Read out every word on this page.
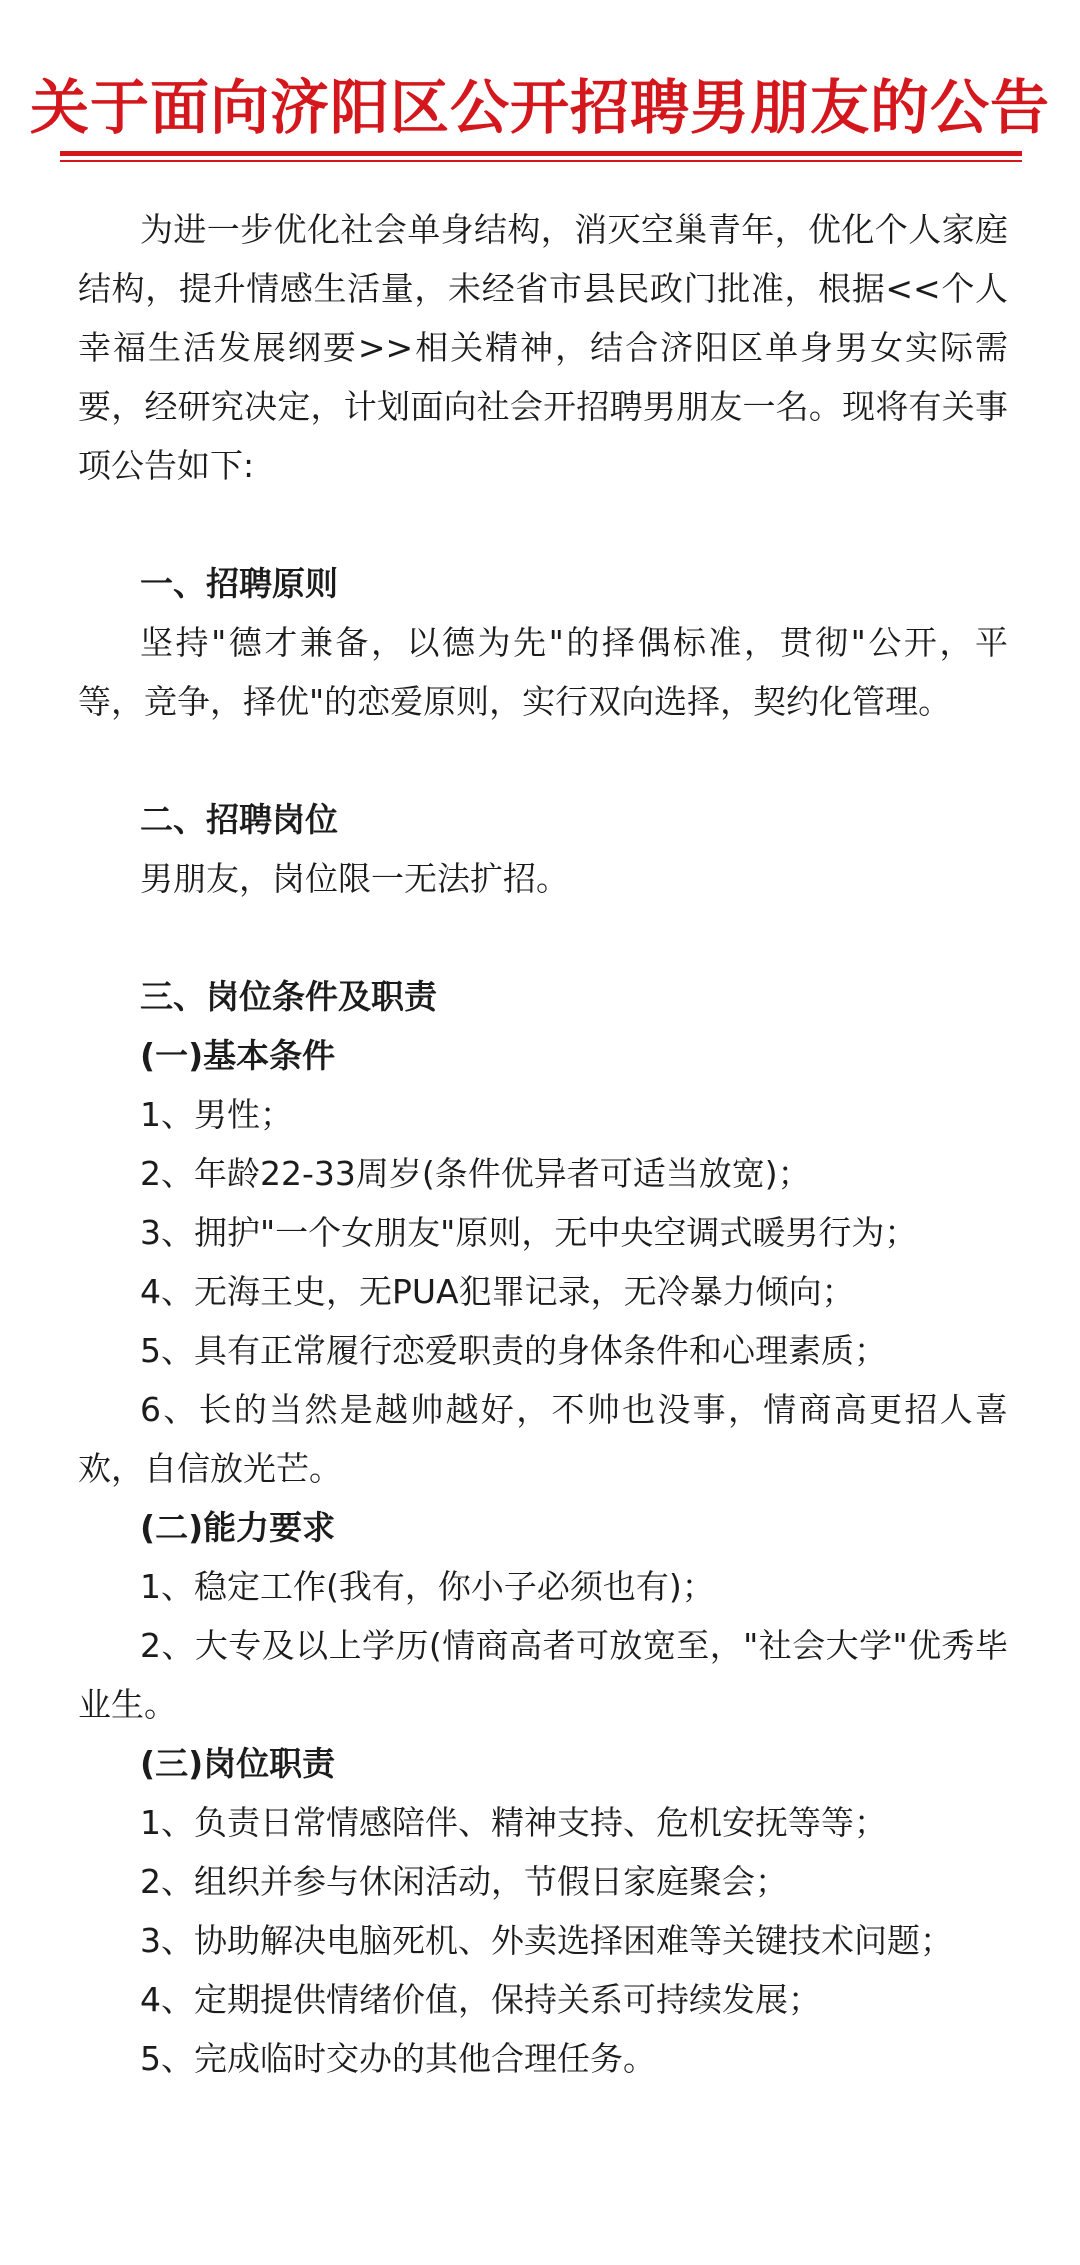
关于面向济阳区公开招聘男朋友的公告

为进一步优化社会单身结构，消灭空巢青年，优化个人家庭结构，提升情感生活量，未经省市县民政门批准，根据<<个人幸福生活发展纲要>>相关精神，结合济阳区单身男女实际需要，经研究决定，计划面向社会开招聘男朋友一名。现将有关事项公告如下:

一、招聘原则

坚持"德才兼备，以德为先"的择偶标准，贯彻"公开，平等，竞争，择优"的恋爱原则，实行双向选择，契约化管理。

二、招聘岗位

男朋友，岗位限一无法扩招。

三、岗位条件及职责

(一)基本条件

1、男性；

2、年龄22-33周岁(条件优异者可适当放宽)；

3、拥护"一个女朋友"原则，无中央空调式暖男行为；

4、无海王史，无PUA犯罪记录，无冷暴力倾向；

5、具有正常履行恋爱职责的身体条件和心理素质；

6、长的当然是越帅越好，不帅也没事，情商高更招人喜欢，自信放光芒。

(二)能力要求

1、稳定工作(我有，你小子必须也有)；

2、大专及以上学历(情商高者可放宽至，"社会大学"优秀毕业生。

(三)岗位职责

1、负责日常情感陪伴、精神支持、危机安抚等等；

2、组织并参与休闲活动，节假日家庭聚会；

3、协助解决电脑死机、外卖选择困难等关键技术问题；

4、定期提供情绪价值，保持关系可持续发展；

5、完成临时交办的其他合理任务。
